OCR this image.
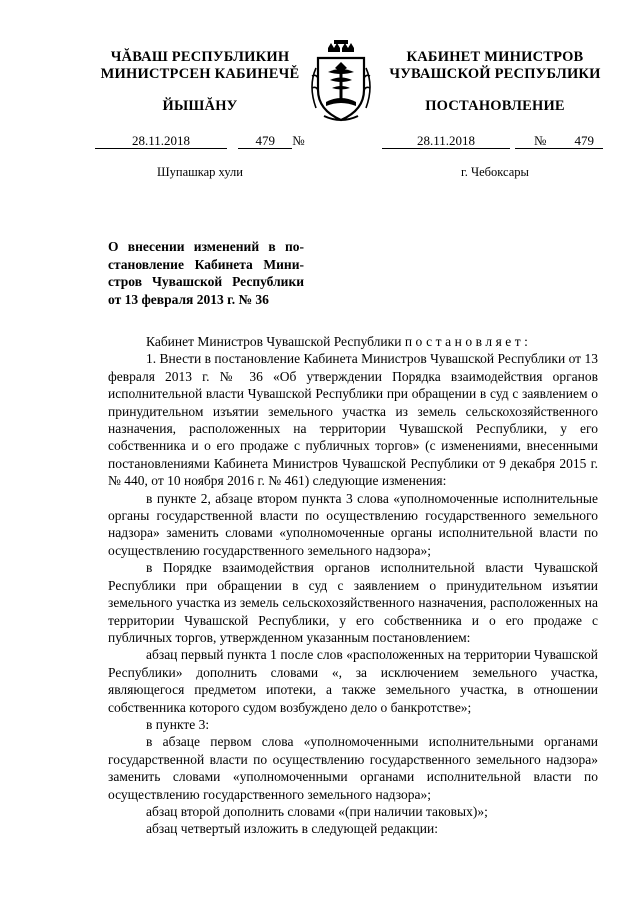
ЧĂВАШ РЕСПУБЛИКИН
МИНИСТРСЕН КАБИНЕЧĚ
ЙЫШĂНУ
КАБИНЕТ МИНИСТРОВ
ЧУВАШСКОЙ РЕСПУБЛИКИ
ПОСТАНОВЛЕНИЕ
28.11.2018	479 №	28.11.2018	№ 479
Шупашкар хули	г. Чебоксары
О внесении изменений в по-
становление Кабинета Мини-
стров Чувашской Республики
от 13 февраля 2013 г. № 36

Кабинет Министров Чувашской Республики постановляет:

1. Внести в постановление Кабинета Министров Чувашской Республики от 13 февраля 2013 г. № 36 «Об утверждении Порядка взаимодействия органов исполнительной власти Чувашской Республики при обращении в суд с заявлением о принудительном изъятии земельного участка из земель сельскохозяйственного назначения, расположенных на территории Чувашской Республики, у его собственника и о его продаже с публичных торгов» (с изменениями, внесенными постановлениями Кабинета Министров Чувашской Республики от 9 декабря 2015 г. № 440, от 10 ноября 2016 г. № 461) следующие изменения:

в пункте 2, абзаце втором пункта 3 слова «уполномоченные исполнительные органы государственной власти по осуществлению государственного земельного надзора» заменить словами «уполномоченные органы исполнительной власти по осуществлению государственного земельного надзора»;

в Порядке взаимодействия органов исполнительной власти Чувашской Республики при обращении в суд с заявлением о принудительном изъятии земельного участка из земель сельскохозяйственного назначения, расположенных на территории Чувашской Республики, у его собственника и о его продаже с публичных торгов, утвержденном указанным постановлением:

абзац первый пункта 1 после слов «расположенных на территории Чувашской Республики» дополнить словами «, за исключением земельного участка, являющегося предметом ипотеки, а также земельного участка, в отношении собственника которого судом возбуждено дело о банкротстве»;

в пункте 3:

в абзаце первом слова «уполномоченными исполнительными органами государственной власти по осуществлению государственного земельного надзора» заменить словами «уполномоченными органами исполнительной власти по осуществлению государственного земельного надзора»;

абзац второй дополнить словами «(при наличии таковых)»;

абзац четвертый изложить в следующей редакции:
